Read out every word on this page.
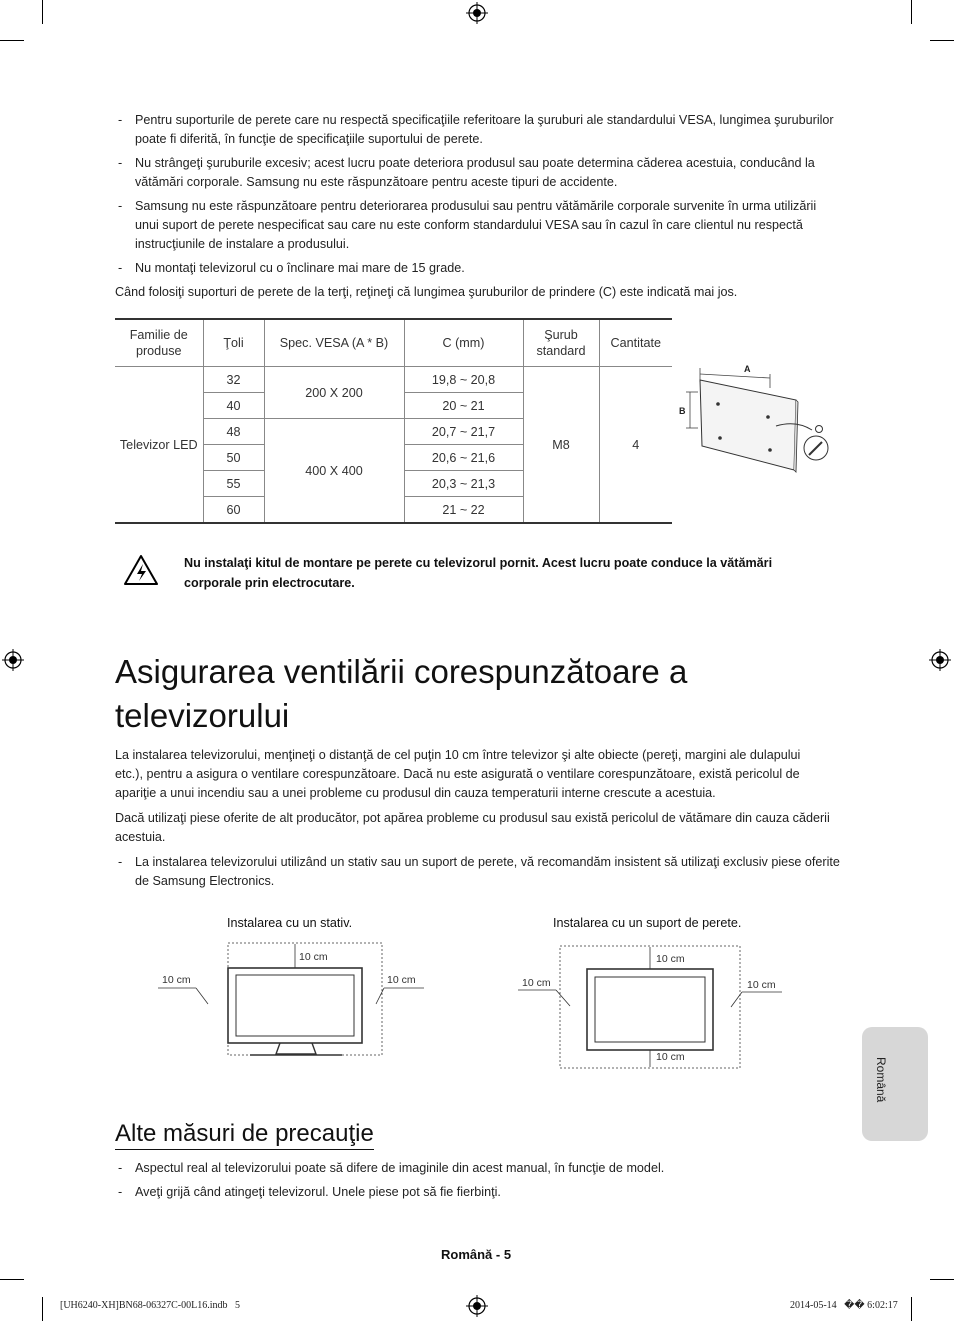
- Pentru suporturile de perete care nu respectă specificaţiile referitoare la şuruburi ale standardului VESA, lungimea şuruburilor poate fi diferită, în funcţie de specificaţiile suportului de perete.
- Nu strângeţi şuruburile excesiv; acest lucru poate deteriora produsul sau poate determina căderea acestuia, conducând la vătămări corporale. Samsung nu este răspunzătoare pentru aceste tipuri de accidente.
- Samsung nu este răspunzătoare pentru deteriorarea produsului sau pentru vătămările corporale survenite în urma utilizării unui suport de perete nespecificat sau care nu este conform standardului VESA sau în cazul în care clientul nu respectă instrucţiunile de instalare a produsului.
- Nu montaţi televizorul cu o înclinare mai mare de 15 grade.
Când folosiţi suporturi de perete de la terţi, reţineţi că lungimea şuruburilor de prindere (C) este indicată mai jos.
Familie de produse	Ţoli	Spec. VESA (A * B)	C (mm)	Şurub standard	Cantitate
Televizor LED	32	200 X 200	19,8 ~ 20,8	M8	4
	40		20 ~ 21		
	48	400 X 400	20,7 ~ 21,7		
	50		20,6 ~ 21,6		
	55		20,3 ~ 21,3		
	60		21 ~ 22		
A
B
Nu instalaţi kitul de montare pe perete cu televizorul pornit. Acest lucru poate conduce la vătămări corporale prin electrocutare.
Asigurarea ventilării corespunzătoare a televizorului
La instalarea televizorului, menţineţi o distanţă de cel puţin 10 cm între televizor şi alte obiecte (pereţi, margini ale dulapului etc.), pentru a asigura o ventilare corespunzătoare. Dacă nu este asigurată o ventilare corespunzătoare, există pericolul de apariţie a unui incendiu sau a unei probleme cu produsul din cauza temperaturii interne crescute a acestuia.
Dacă utilizaţi piese oferite de alt producător, pot apărea probleme cu produsul sau există pericolul de vătămare din cauza căderii acestuia.
- La instalarea televizorului utilizând un stativ sau un suport de perete, vă recomandăm insistent să utilizaţi exclusiv piese oferite de Samsung Electronics.
Instalarea cu un stativ.
10 cm
10 cm	10 cm
Instalarea cu un suport de perete.
10 cm
10 cm
10 cm	10 cm
Alte măsuri de precauţie
- Aspectul real al televizorului poate să difere de imaginile din acest manual, în funcţie de model.
- Aveţi grijă când atingeţi televizorul. Unele piese pot să fie fierbinţi.
Română
Română - 5
[UH6240-XH]BN68-06327C-00L16.indb   5	2014-05-14   �� 6:02:17
